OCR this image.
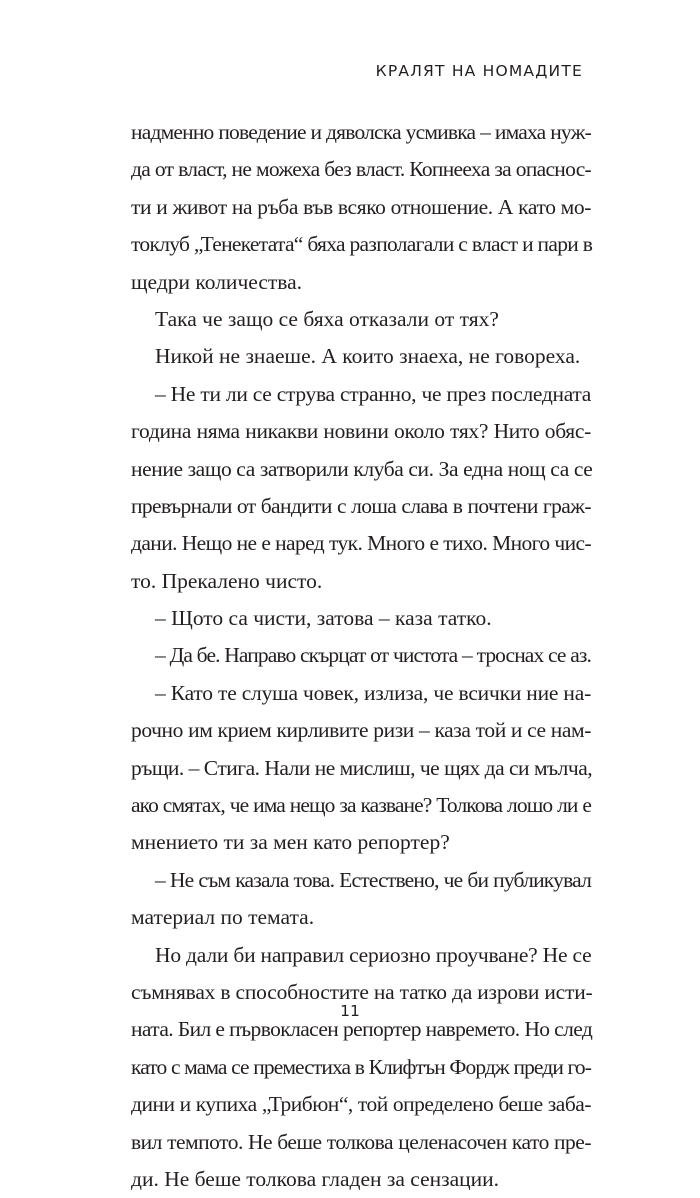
КРАЛЯТ НА НОМАДИТЕ
надменно поведение и дяволска усмивка – имаха нуж-
да от власт, не можеха без власт. Копнееха за опаснос-
ти и живот на ръба във всяко отношение. А като мо-
токлуб „Тенекетата“ бяха разполагали с власт и пари в
щедри количества.
Така че защо се бяха отказали от тях?
Никой не знаеше. А които знаеха, не говореха.
– Не ти ли се струва странно, че през последната
година няма никакви новини около тях? Нито обяс-
нение защо са затворили клуба си. За една нощ са се
превърнали от бандити с лоша слава в почтени граж-
дани. Нещо не е наред тук. Много е тихо. Много чис-
то. Прекалено чисто.
– Щото са чисти, затова – каза татко.
– Да бе. Направо скърцат от чистота – троснах се аз.
– Като те слуша човек, излиза, че всички ние на-
рочно им крием кирливите ризи – каза той и се нам-
ръщи. – Стига. Нали не мислиш, че щях да си мълча,
ако смятах, че има нещо за казване? Толкова лошо ли е
мнението ти за мен като репортер?
– Не съм казала това. Естествено, че би публикувал
материал по темата.
Но дали би направил сериозно проучване? Не се
съмнявах в способностите на татко да изрови исти-
ната. Бил е първокласен репортер навремето. Но след
като с мама се преместиха в Клифтън Фордж преди го-
дини и купиха „Трибюн“, той определено беше заба-
вил темпото. Не беше толкова целенасочен като пре-
ди. Не беше толкова гладен за сензации.
11
